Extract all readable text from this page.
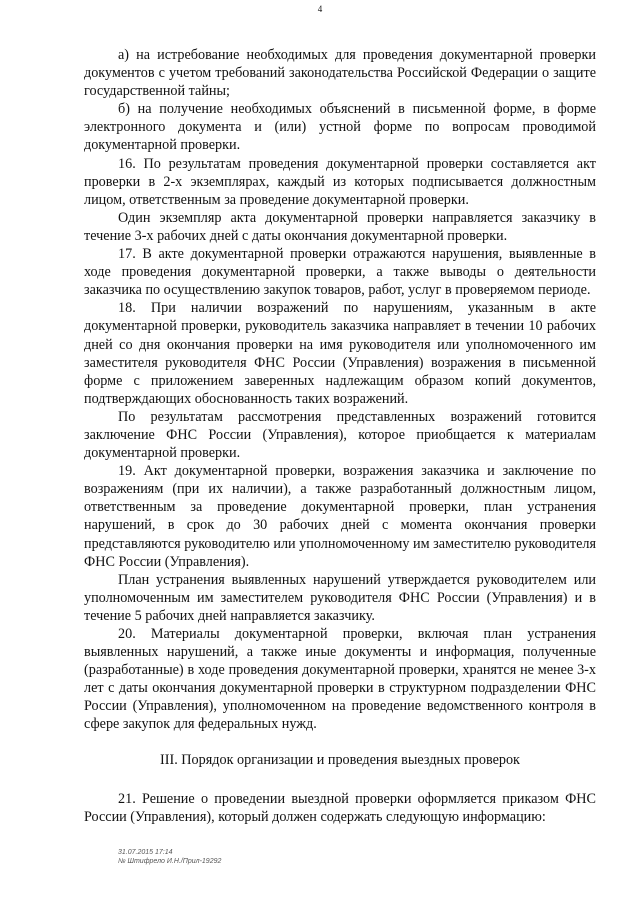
4

а) на истребование необходимых для проведения документарной проверки документов с учетом требований законодательства Российской Федерации о защите государственной тайны;

б) на получение необходимых объяснений в письменной форме, в форме электронного документа и (или) устной форме по вопросам проводимой документарной проверки.

16. По результатам проведения документарной проверки составляется акт проверки в 2-х экземплярах, каждый из которых подписывается должностным лицом, ответственным за проведение документарной проверки.

Один экземпляр акта документарной проверки направляется заказчику в течение 3-х рабочих дней с даты окончания документарной проверки.

17. В акте документарной проверки отражаются нарушения, выявленные в ходе проведения документарной проверки, а также выводы о деятельности заказчика по осуществлению закупок товаров, работ, услуг в проверяемом периоде.

18. При наличии возражений по нарушениям, указанным в акте документарной проверки, руководитель заказчика направляет в течении 10 рабочих дней со дня окончания проверки на имя руководителя или уполномоченного им заместителя руководителя ФНС России (Управления) возражения в письменной форме с приложением заверенных надлежащим образом копий документов, подтверждающих обоснованность таких возражений.

По результатам рассмотрения представленных возражений готовится заключение ФНС России (Управления), которое приобщается к материалам документарной проверки.

19. Акт документарной проверки, возражения заказчика и заключение по возражениям (при их наличии), а также разработанный должностным лицом, ответственным за проведение документарной проверки, план устранения нарушений, в срок до 30 рабочих дней с момента окончания проверки представляются руководителю или уполномоченному им заместителю руководителя ФНС России (Управления).

План устранения выявленных нарушений утверждается руководителем или уполномоченным им заместителем руководителя ФНС России (Управления) и в течение 5 рабочих дней направляется заказчику.

20. Материалы документарной проверки, включая план устранения выявленных нарушений, а также иные документы и информация, полученные (разработанные) в ходе проведения документарной проверки, хранятся не менее 3-х лет с даты окончания документарной проверки в структурном подразделении ФНС России (Управления), уполномоченном на проведение ведомственного контроля в сфере закупок для федеральных нужд.

III. Порядок организации и проведения выездных проверок

21. Решение о проведении выездной проверки оформляется приказом ФНС России (Управления), который должен содержать следующую информацию:

31.07.2015 17:14
№ Штифрело И.Н./Прил-19292
